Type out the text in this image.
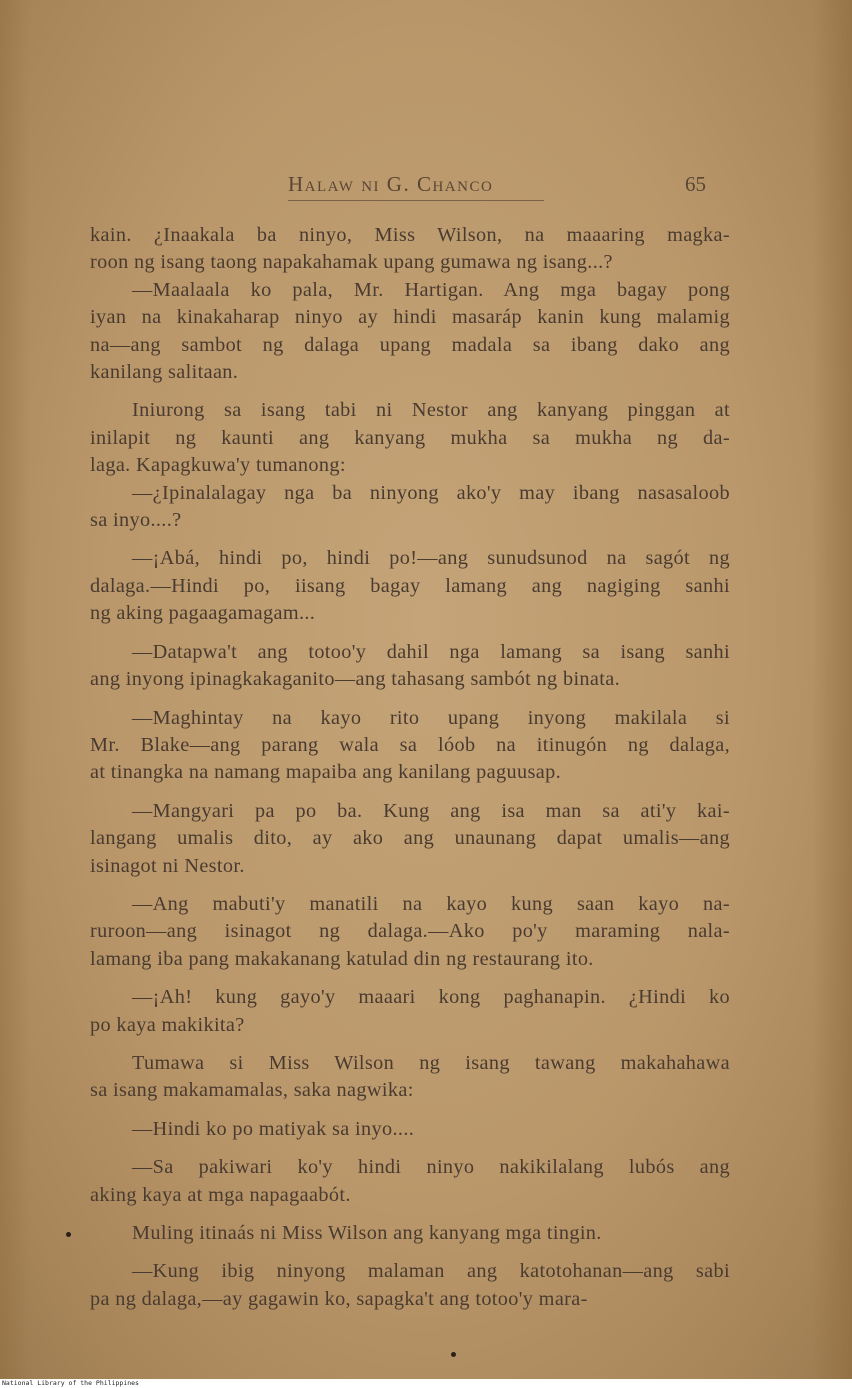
Halaw ni G. Chanco	65
kain. ¿Inaakala ba ninyo, Miss Wilson, na maaaring magka-
roon ng isang taong napakahamak upang gumawa ng isang...?
—Maalaala ko pala, Mr. Hartigan. Ang mga bagay pong
iyan na kinakaharap ninyo ay hindi masaráp kanin kung malamig
na—ang sambot ng dalaga upang madala sa ibang dako ang
kanilang salitaan.
Iniurong sa isang tabi ni Nestor ang kanyang pinggan at
inilapit ng kaunti ang kanyang mukha sa mukha ng da-
laga. Kapagkuwa'y tumanong:
—¿Ipinalalagay nga ba ninyong ako'y may ibang nasasaloob
sa inyo....?
—¡Abá, hindi po, hindi po!—ang sunudsunod na sagót ng
dalaga.—Hindi po, iisang bagay lamang ang nagiging sanhi
ng aking pagaagamagam...
—Datapwa't ang totoo'y dahil nga lamang sa isang sanhi
ang inyong ipinagkakaganito—ang tahasang sambót ng binata.
—Maghintay na kayo rito upang inyong makilala si
Mr. Blake—ang parang wala sa lóob na itinugón ng dalaga,
at tinangka na namang mapaiba ang kanilang paguusap.
—Mangyari pa po ba. Kung ang isa man sa ati'y kai-
langang umalis dito, ay ako ang unaunang dapat umalis—ang
isinagot ni Nestor.
—Ang mabuti'y manatili na kayo kung saan kayo na-
ruroon—ang isinagot ng dalaga.—Ako po'y maraming nala-
lamang iba pang makakanang katulad din ng restaurang ito.
—¡Ah! kung gayo'y maaari kong paghanapin. ¿Hindi ko
po kaya makikita?
Tumawa si Miss Wilson ng isang tawang makahahawa
sa isang makamamalas, saka nagwika:
—Hindi ko po matiyak sa inyo....
—Sa pakiwari ko'y hindi ninyo nakikilalang lubós ang
aking kaya at mga napagaabót.
Muling itinaás ni Miss Wilson ang kanyang mga tingin.
—Kung ibig ninyong malaman ang katotohanan—ang sabi
pa ng dalaga,—ay gagawin ko, sapagka't ang totoo'y mara-
National Library of the Philippines
